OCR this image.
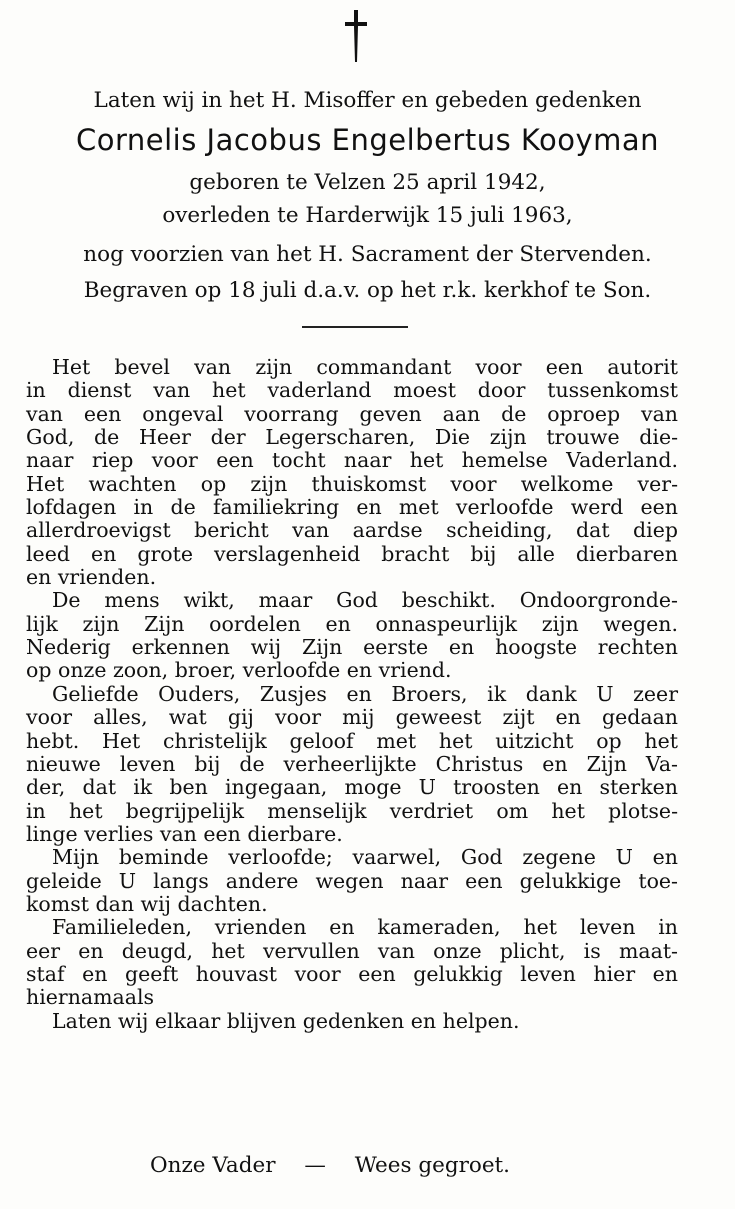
Laten wij in het H. Misoffer en gebeden gedenken
Cornelis Jacobus Engelbertus Kooyman
geboren te Velzen 25 april 1942,
overleden te Harderwijk 15 juli 1963,
nog voorzien van het H. Sacrament der Stervenden.
Begraven op 18 juli d.a.v. op het r.k. kerkhof te Son.
Het bevel van zijn commandant voor een autorit
in dienst van het vaderland moest door tussenkomst
van een ongeval voorrang geven aan de oproep van
God, de Heer der Legerscharen, Die zijn trouwe die-
naar riep voor een tocht naar het hemelse Vaderland.
Het wachten op zijn thuiskomst voor welkome ver-
lofdagen in de familiekring en met verloofde werd een
allerdroevigst bericht van aardse scheiding, dat diep
leed en grote verslagenheid bracht bij alle dierbaren
en vrienden.
De mens wikt, maar God beschikt. Ondoorgronde-
lijk zijn Zijn oordelen en onnaspeurlijk zijn wegen.
Nederig erkennen wij Zijn eerste en hoogste rechten
op onze zoon, broer, verloofde en vriend.
Geliefde Ouders, Zusjes en Broers, ik dank U zeer
voor alles, wat gij voor mij geweest zijt en gedaan
hebt. Het christelijk geloof met het uitzicht op het
nieuwe leven bij de verheerlijkte Christus en Zijn Va-
der, dat ik ben ingegaan, moge U troosten en sterken
in het begrijpelijk menselijk verdriet om het plotse-
linge verlies van een dierbare.
Mijn beminde verloofde; vaarwel, God zegene U en
geleide U langs andere wegen naar een gelukkige toe-
komst dan wij dachten.
Familieleden, vrienden en kameraden, het leven in
eer en deugd, het vervullen van onze plicht, is maat-
staf en geeft houvast voor een gelukkig leven hier en
hiernamaals
Laten wij elkaar blijven gedenken en helpen.
Onze Vader — Wees gegroet.
